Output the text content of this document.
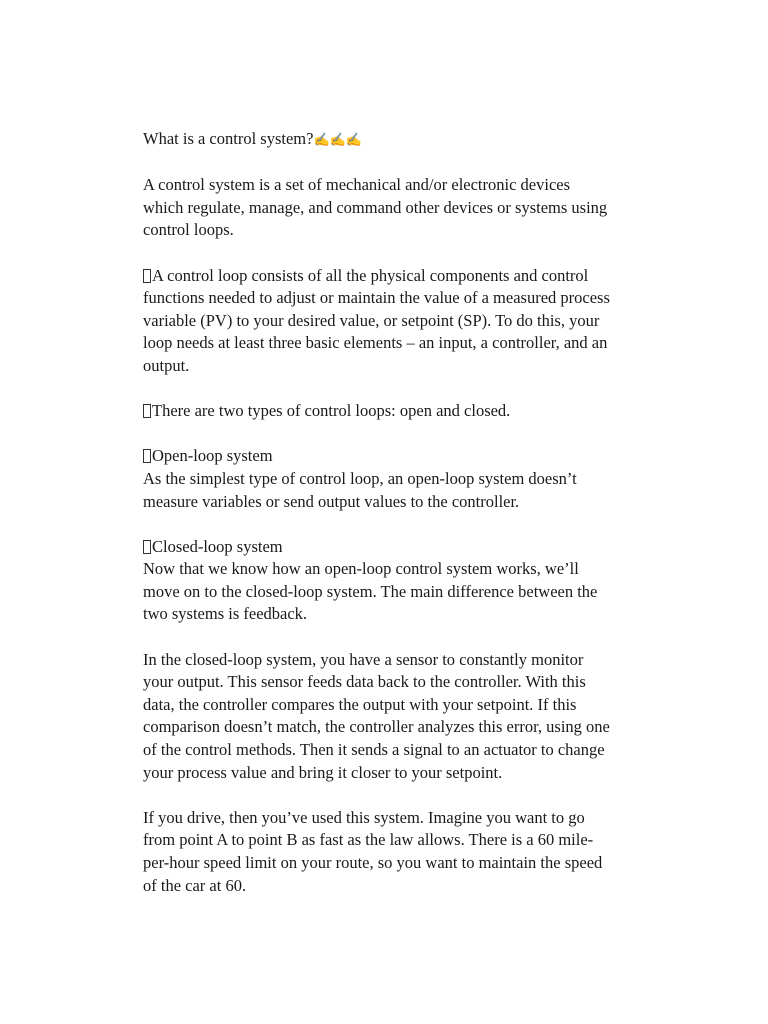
What is a control system?✍✍✍

A control system is a set of mechanical and/or electronic devices
which regulate, manage, and command other devices or systems using
control loops.

A control loop consists of all the physical components and control
functions needed to adjust or maintain the value of a measured process
variable (PV) to your desired value, or setpoint (SP). To do this, your
loop needs at least three basic elements – an input, a controller, and an
output.

There are two types of control loops: open and closed.

Open-loop system
As the simplest type of control loop, an open-loop system doesn’t
measure variables or send output values to the controller.

Closed-loop system
Now that we know how an open-loop control system works, we’ll
move on to the closed-loop system. The main difference between the
two systems is feedback.

In the closed-loop system, you have a sensor to constantly monitor
your output. This sensor feeds data back to the controller. With this
data, the controller compares the output with your setpoint. If this
comparison doesn’t match, the controller analyzes this error, using one
of the control methods. Then it sends a signal to an actuator to change
your process value and bring it closer to your setpoint.

If you drive, then you’ve used this system. Imagine you want to go
from point A to point B as fast as the law allows. There is a 60 mile-
per-hour speed limit on your route, so you want to maintain the speed
of the car at 60.
